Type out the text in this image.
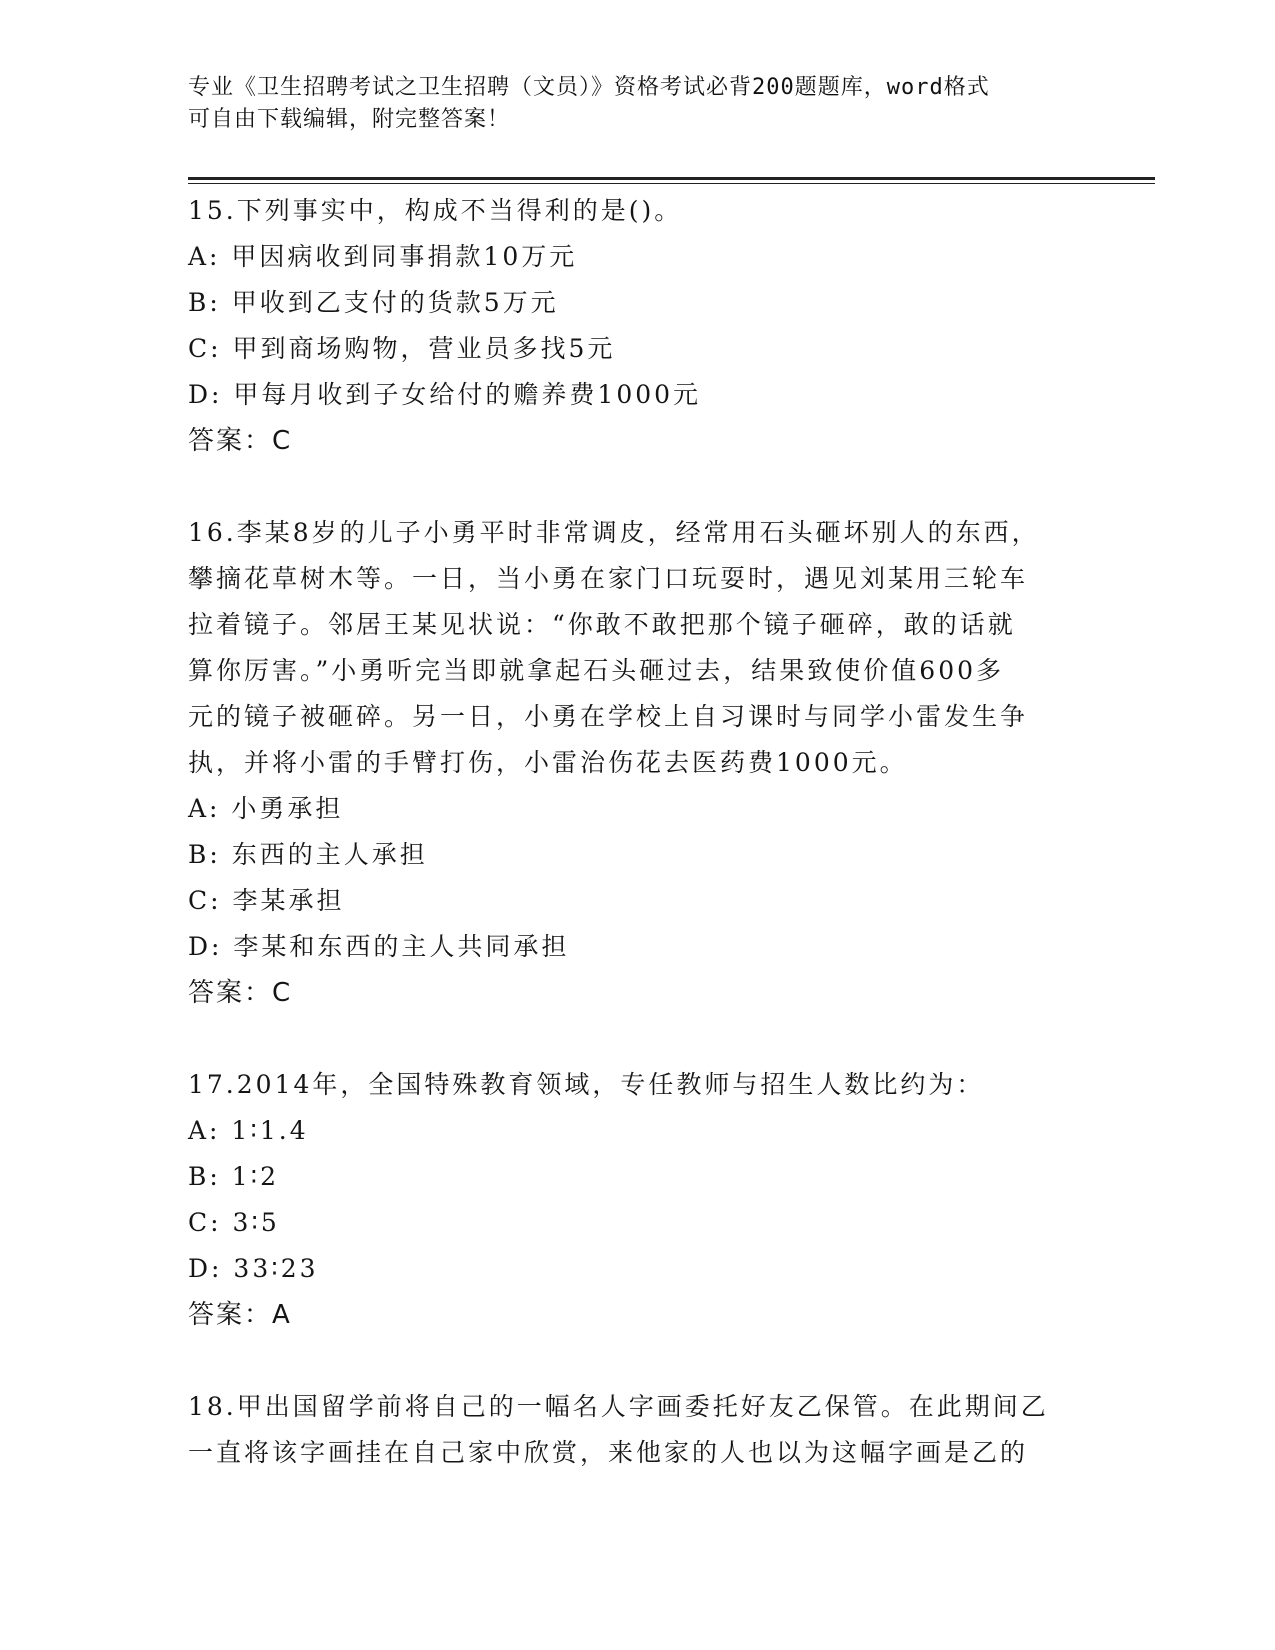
专业《卫生招聘考试之卫生招聘（文员）》资格考试必背200题题库，word格式
可自由下载编辑，附完整答案！
15.下列事实中，构成不当得利的是()。
A: 甲因病收到同事捐款10万元
B: 甲收到乙支付的货款5万元
C: 甲到商场购物，营业员多找5元
D: 甲每月收到子女给付的赡养费1000元
答案：C
16.李某8岁的儿子小勇平时非常调皮，经常用石头砸坏别人的东西，
攀摘花草树木等。一日，当小勇在家门口玩耍时，遇见刘某用三轮车
拉着镜子。邻居王某见状说：“你敢不敢把那个镜子砸碎，敢的话就
算你厉害。”小勇听完当即就拿起石头砸过去，结果致使价值600多
元的镜子被砸碎。另一日，小勇在学校上自习课时与同学小雷发生争
执，并将小雷的手臂打伤，小雷治伤花去医药费1000元。
A: 小勇承担
B: 东西的主人承担
C: 李某承担
D: 李某和东西的主人共同承担
答案：C
17.2014年，全国特殊教育领域，专任教师与招生人数比约为：
A: 1∶1.4
B: 1∶2
C: 3∶5
D: 33∶23
答案：A
18.甲出国留学前将自己的一幅名人字画委托好友乙保管。在此期间乙
一直将该字画挂在自己家中欣赏，来他家的人也以为这幅字画是乙的
